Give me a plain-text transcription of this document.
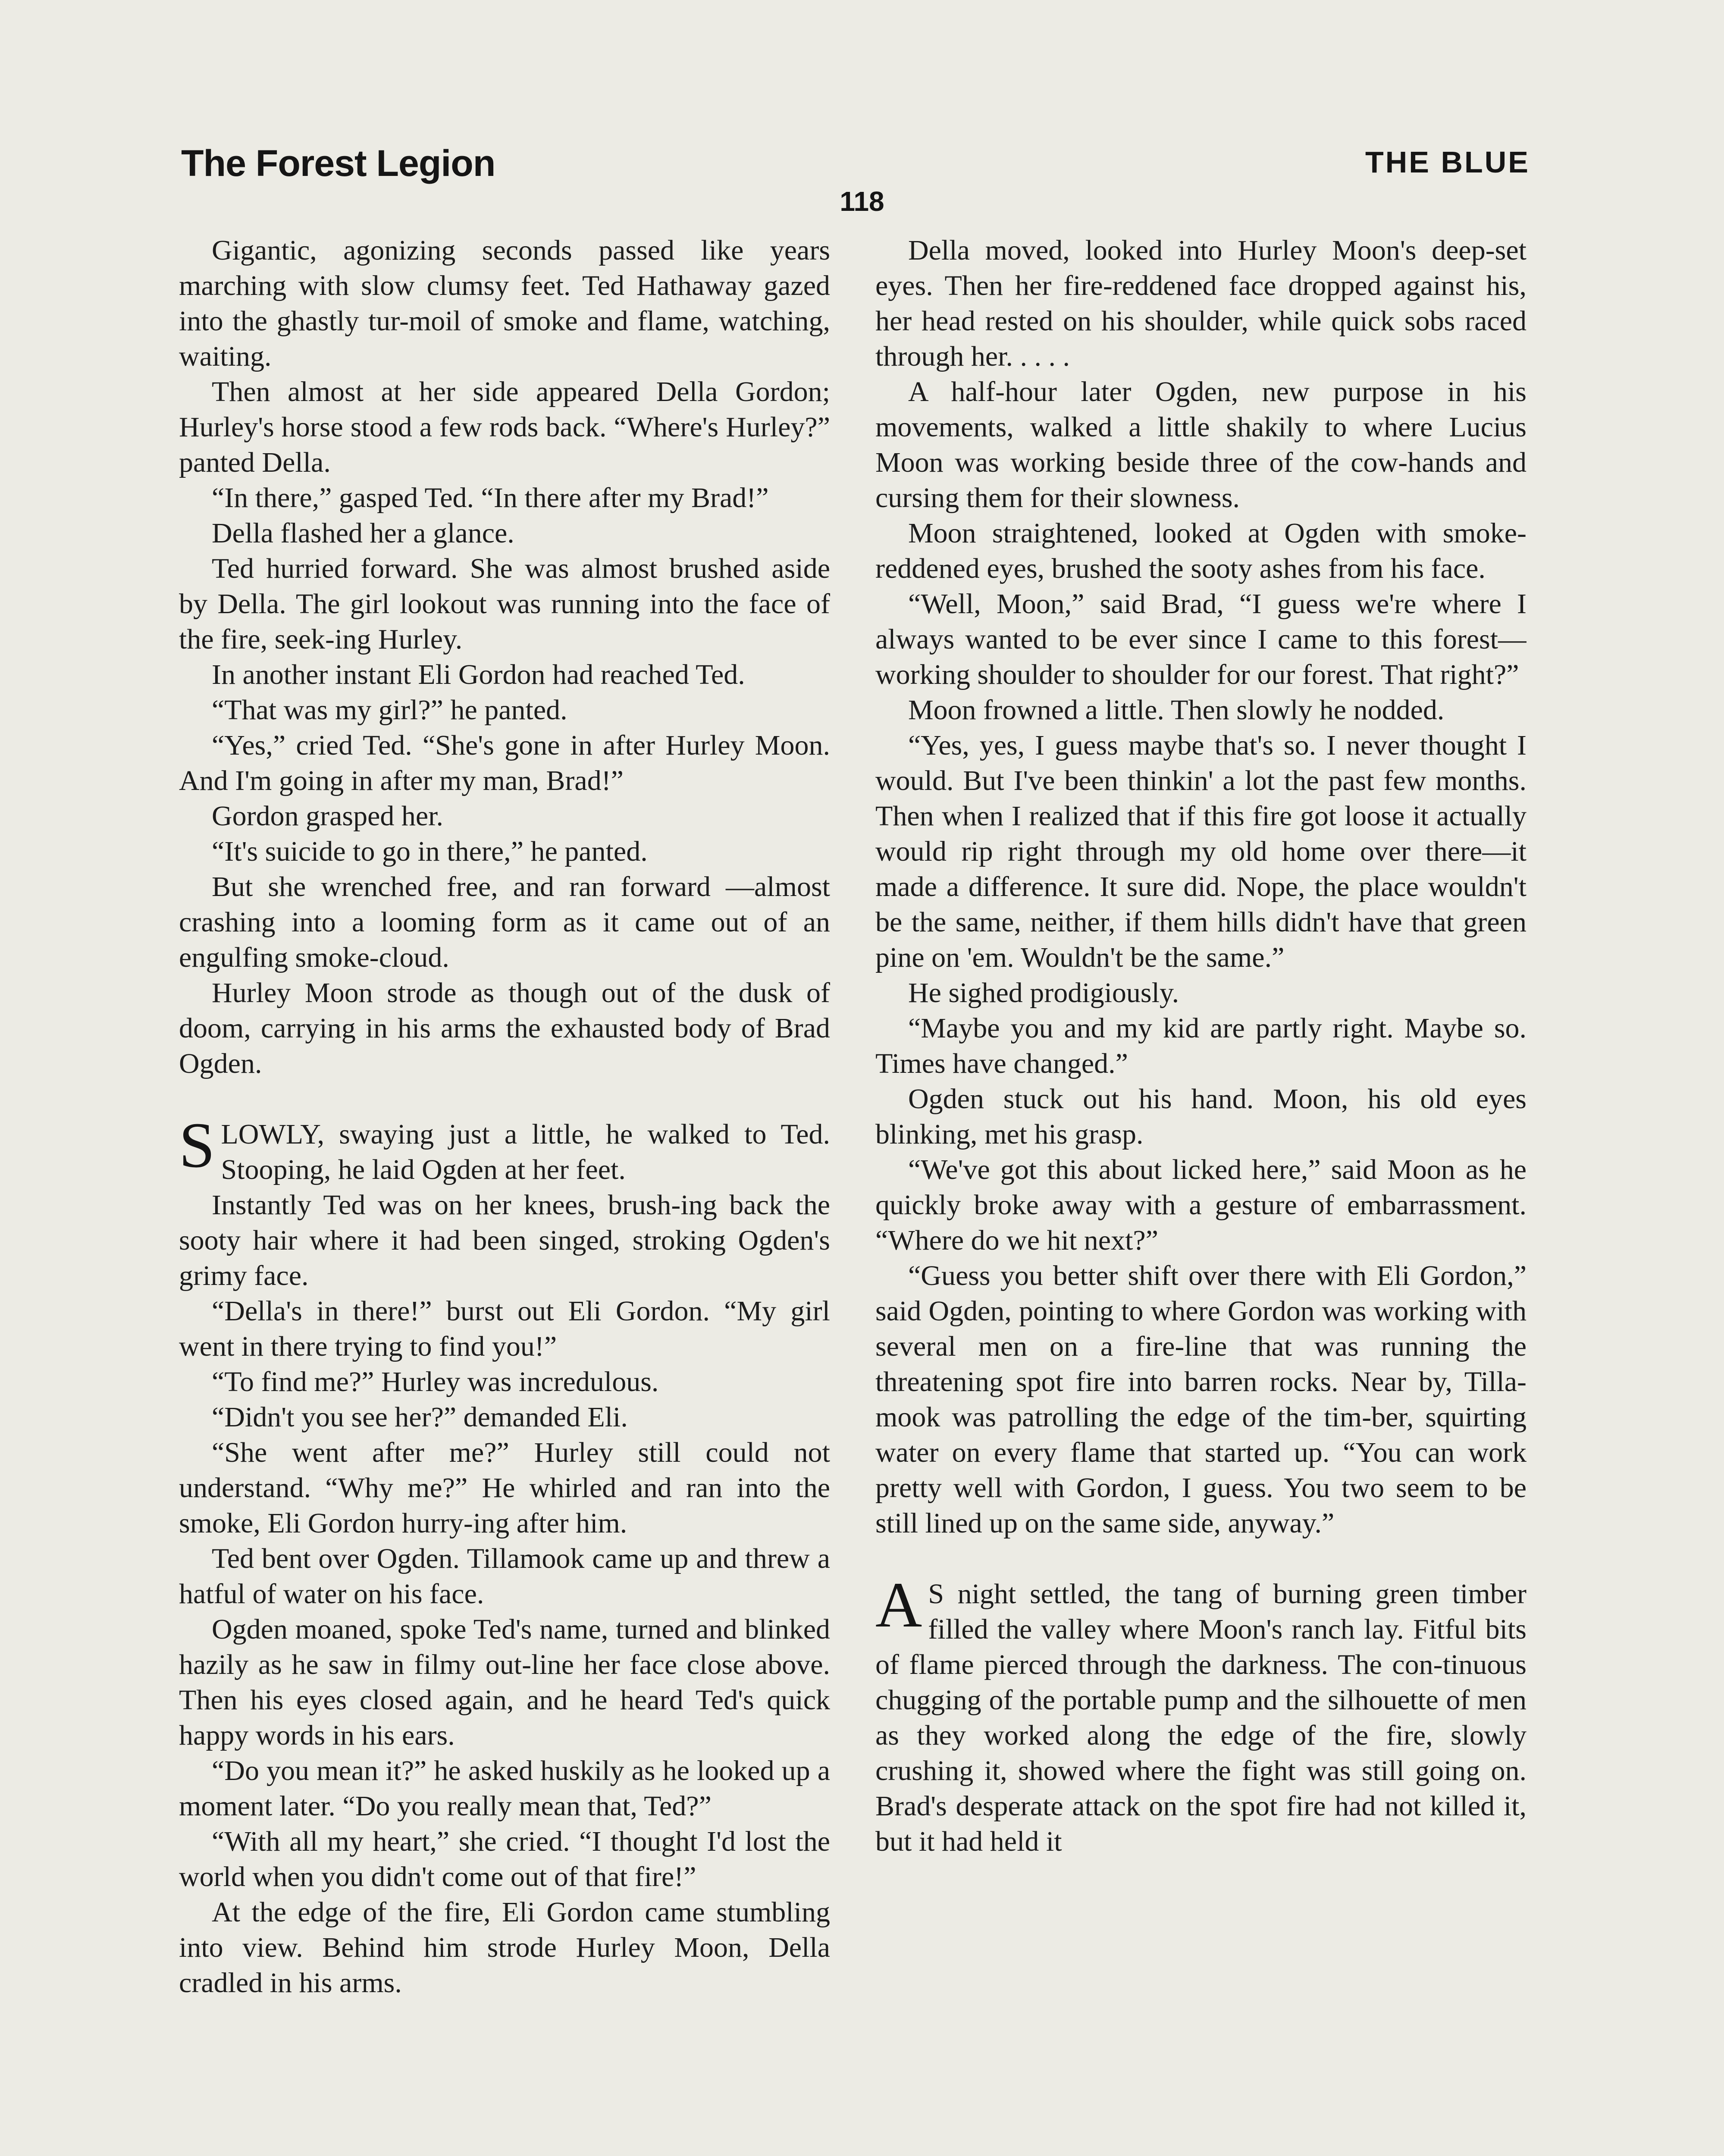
The Forest Legion	THE BLUE
118

Gigantic, agonizing seconds passed like years marching with slow clumsy feet. Ted Hathaway gazed into the ghastly tur-moil of smoke and flame, watching, waiting.

Then almost at her side appeared Della Gordon; Hurley's horse stood a few rods back. “Where's Hurley?” panted Della.

“In there,” gasped Ted. “In there after my Brad!”

Della flashed her a glance.

Ted hurried forward. She was almost brushed aside by Della. The girl lookout was running into the face of the fire, seek-ing Hurley.

In another instant Eli Gordon had reached Ted.

“That was my girl?” he panted.

“Yes,” cried Ted. “She's gone in after Hurley Moon. And I'm going in after my man, Brad!”

Gordon grasped her.

“It's suicide to go in there,” he panted.

But she wrenched free, and ran forward —almost crashing into a looming form as it came out of an engulfing smoke-cloud.

Hurley Moon strode as though out of the dusk of doom, carrying in his arms the exhausted body of Brad Ogden.

SLOWLY, swaying just a little, he walked to Ted. Stooping, he laid Ogden at her feet.

Instantly Ted was on her knees, brush-ing back the sooty hair where it had been singed, stroking Ogden's grimy face.

“Della's in there!” burst out Eli Gordon. “My girl went in there trying to find you!”

“To find me?” Hurley was incredulous.

“Didn't you see her?” demanded Eli.

“She went after me?” Hurley still could not understand. “Why me?” He whirled and ran into the smoke, Eli Gordon hurry-ing after him.

Ted bent over Ogden. Tillamook came up and threw a hatful of water on his face.

Ogden moaned, spoke Ted's name, turned and blinked hazily as he saw in filmy out-line her face close above. Then his eyes closed again, and he heard Ted's quick happy words in his ears.

“Do you mean it?” he asked huskily as he looked up a moment later. “Do you really mean that, Ted?”

“With all my heart,” she cried. “I thought I'd lost the world when you didn't come out of that fire!”

At the edge of the fire, Eli Gordon came stumbling into view. Behind him strode Hurley Moon, Della cradled in his arms.

Della moved, looked into Hurley Moon's deep-set eyes. Then her fire-reddened face dropped against his, her head rested on his shoulder, while quick sobs raced through her. . . . .

A half-hour later Ogden, new purpose in his movements, walked a little shakily to where Lucius Moon was working beside three of the cow-hands and cursing them for their slowness.

Moon straightened, looked at Ogden with smoke-reddened eyes, brushed the sooty ashes from his face.

“Well, Moon,” said Brad, “I guess we're where I always wanted to be ever since I came to this forest—working shoulder to shoulder for our forest. That right?”

Moon frowned a little. Then slowly he nodded.

“Yes, yes, I guess maybe that's so. I never thought I would. But I've been thinkin' a lot the past few months. Then when I realized that if this fire got loose it actually would rip right through my old home over there—it made a difference. It sure did. Nope, the place wouldn't be the same, neither, if them hills didn't have that green pine on 'em. Wouldn't be the same.”

He sighed prodigiously.

“Maybe you and my kid are partly right. Maybe so. Times have changed.”

Ogden stuck out his hand. Moon, his old eyes blinking, met his grasp.

“We've got this about licked here,” said Moon as he quickly broke away with a gesture of embarrassment. “Where do we hit next?”

“Guess you better shift over there with Eli Gordon,” said Ogden, pointing to where Gordon was working with several men on a fire-line that was running the threatening spot fire into barren rocks. Near by, Tilla-mook was patrolling the edge of the tim-ber, squirting water on every flame that started up. “You can work pretty well with Gordon, I guess. You two seem to be still lined up on the same side, anyway.”

A S night settled, the tang of burning green timber filled the valley where Moon's ranch lay. Fitful bits of flame pierced through the darkness. The con-tinuous chugging of the portable pump and the silhouette of men as they worked along the edge of the fire, slowly crushing it, showed where the fight was still going on. Brad's desperate attack on the spot fire had not killed it, but it had held it
